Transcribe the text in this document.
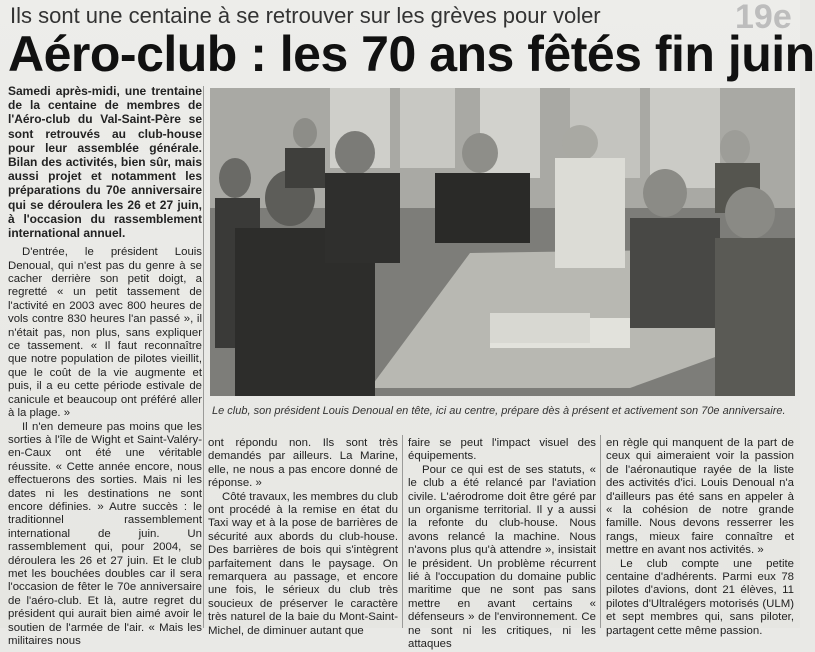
Ils sont une centaine à se retrouver sur les grèves pour voler
Aéro-club : les 70 ans fêtés fin juin
19e

Samedi après-midi, une trentaine de la centaine de membres de l'Aéro-club du Val-Saint-Père se sont retrouvés au club-house pour leur assemblée générale. Bilan des activités, bien sûr, mais aussi projet et notamment les préparations du 70e anniversaire qui se déroulera les 26 et 27 juin, à l'occasion du rassemblement international annuel.

D'entrée, le président Louis Denoual, qui n'est pas du genre à se cacher derrière son petit doigt, a regretté « un petit tassement de l'activité en 2003 avec 800 heures de vols contre 830 heures l'an passé », il n'était pas, non plus, sans expliquer ce tassement. « Il faut reconnaître que notre population de pilotes vieillit, que le coût de la vie augmente et puis, il a eu cette période estivale de canicule et beaucoup ont préféré aller à la plage. »

Il n'en demeure pas moins que les sorties à l'île de Wight et Saint-Valéry-en-Caux ont été une véritable réussite. « Cette année encore, nous effectuerons des sorties. Mais ni les dates ni les destinations ne sont encore définies. » Autre succès : le traditionnel rassemblement international de juin. Un rassemblement qui, pour 2004, se déroulera les 26 et 27 juin. Et le club met les bouchées doubles car il sera l'occasion de fêter le 70e anniversaire de l'aéro-club. Et là, autre regret du président qui aurait bien aimé avoir le soutien de l'armée de l'air. « Mais les militaires nous

Le club, son président Louis Denoual en tête, ici au centre, prépare dès à présent et activement son 70e anniversaire.

ont répondu non. Ils sont très demandés par ailleurs. La Marine, elle, ne nous a pas encore donné de réponse. »

Côté travaux, les membres du club ont procédé à la remise en état du Taxi way et à la pose de barrières de sécurité aux abords du club-house. Des barrières de bois qui s'intègrent parfaitement dans le paysage. On remarquera au passage, et encore une fois, le sérieux du club très soucieux de préserver le caractère très naturel de la baie du Mont-Saint-Michel, de diminuer autant que

faire se peut l'impact visuel des équipements.

Pour ce qui est de ses statuts, « le club a été relancé par l'aviation civile. L'aérodrome doit être géré par un organisme territorial. Il y a aussi la refonte du club-house. Nous avons relancé la machine. Nous n'avons plus qu'à attendre », insistait le président. Un problème récurrent lié à l'occupation du domaine public maritime que ne sont pas sans mettre en avant certains « défenseurs » de l'environnement. Ce ne sont ni les critiques, ni les attaques

en règle qui manquent de la part de ceux qui aimeraient voir la passion de l'aéronautique rayée de la liste des activités d'ici. Louis Denoual n'a d'ailleurs pas été sans en appeler à « la cohésion de notre grande famille. Nous devons resserrer les rangs, mieux faire connaître et mettre en avant nos activités. »

Le club compte une petite centaine d'adhérents. Parmi eux 78 pilotes d'avions, dont 21 élèves, 11 pilotes d'Ultralégers motorisés (ULM) et sept membres qui, sans piloter, partagent cette même passion.
